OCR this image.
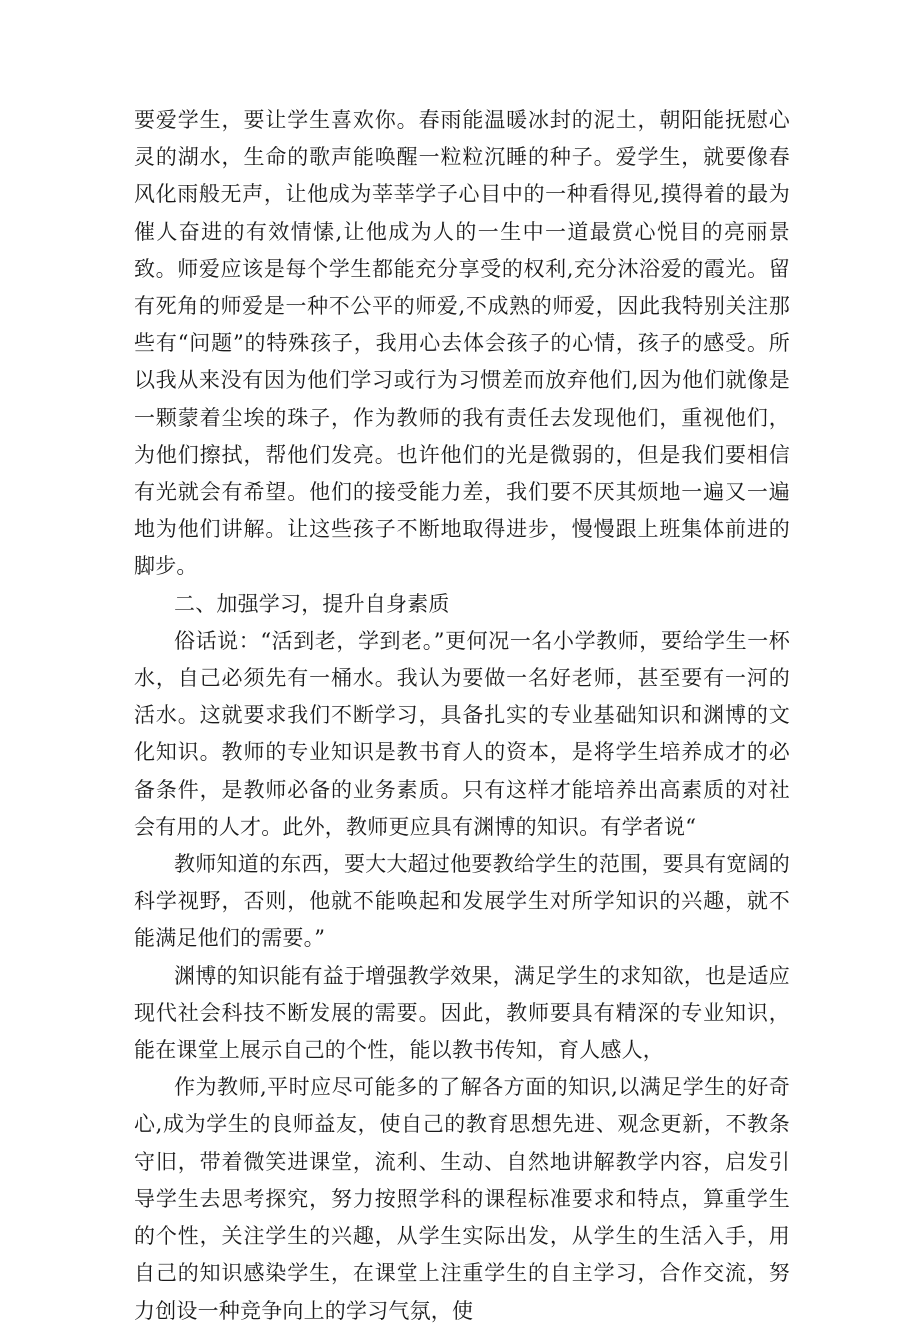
要爱学生，要让学生喜欢你。春雨能温暖冰封的泥土，朝阳能抚慰心灵的湖水，生命的歌声能唤醒一粒粒沉睡的种子。爱学生，就要像春风化雨般无声，让他成为莘莘学子心目中的一种看得见,摸得着的最为催人奋进的有效情愫,让他成为人的一生中一道最赏心悦目的亮丽景致。师爱应该是每个学生都能充分享受的权利,充分沐浴爱的霞光。留有死角的师爱是一种不公平的师爱,不成熟的师爱，因此我特别关注那些有“问题”的特殊孩子，我用心去体会孩子的心情，孩子的感受。所以我从来没有因为他们学习或行为习惯差而放弃他们,因为他们就像是一颗蒙着尘埃的珠子，作为教师的我有责任去发现他们，重视他们，为他们擦拭，帮他们发亮。也许他们的光是微弱的，但是我们要相信有光就会有希望。他们的接受能力差，我们要不厌其烦地一遍又一遍地为他们讲解。让这些孩子不断地取得进步，慢慢跟上班集体前进的脚步。

二、加强学习，提升自身素质

俗话说：“活到老，学到老。”更何况一名小学教师，要给学生一杯水，自己必须先有一桶水。我认为要做一名好老师，甚至要有一河的活水。这就要求我们不断学习，具备扎实的专业基础知识和渊博的文化知识。教师的专业知识是教书育人的资本，是将学生培养成才的必备条件，是教师必备的业务素质。只有这样才能培养出高素质的对社会有用的人才。此外，教师更应具有渊博的知识。有学者说“

教师知道的东西，要大大超过他要教给学生的范围，要具有宽阔的科学视野，否则，他就不能唤起和发展学生对所学知识的兴趣，就不能满足他们的需要。”

渊博的知识能有益于增强教学效果，满足学生的求知欲，也是适应现代社会科技不断发展的需要。因此，教师要具有精深的专业知识，能在课堂上展示自己的个性，能以教书传知，育人感人，

作为教师,平时应尽可能多的了解各方面的知识,以满足学生的好奇心,成为学生的良师益友，使自己的教育思想先进、观念更新，不教条守旧，带着微笑进课堂，流利、生动、自然地讲解教学内容，启发引导学生去思考探究，努力按照学科的课程标准要求和特点，算重学生的个性，关注学生的兴趣，从学生实际出发，从学生的生活入手，用自己的知识感染学生，在课堂上注重学生的自主学习，合作交流，努力创设一种竞争向上的学习气氛，使
